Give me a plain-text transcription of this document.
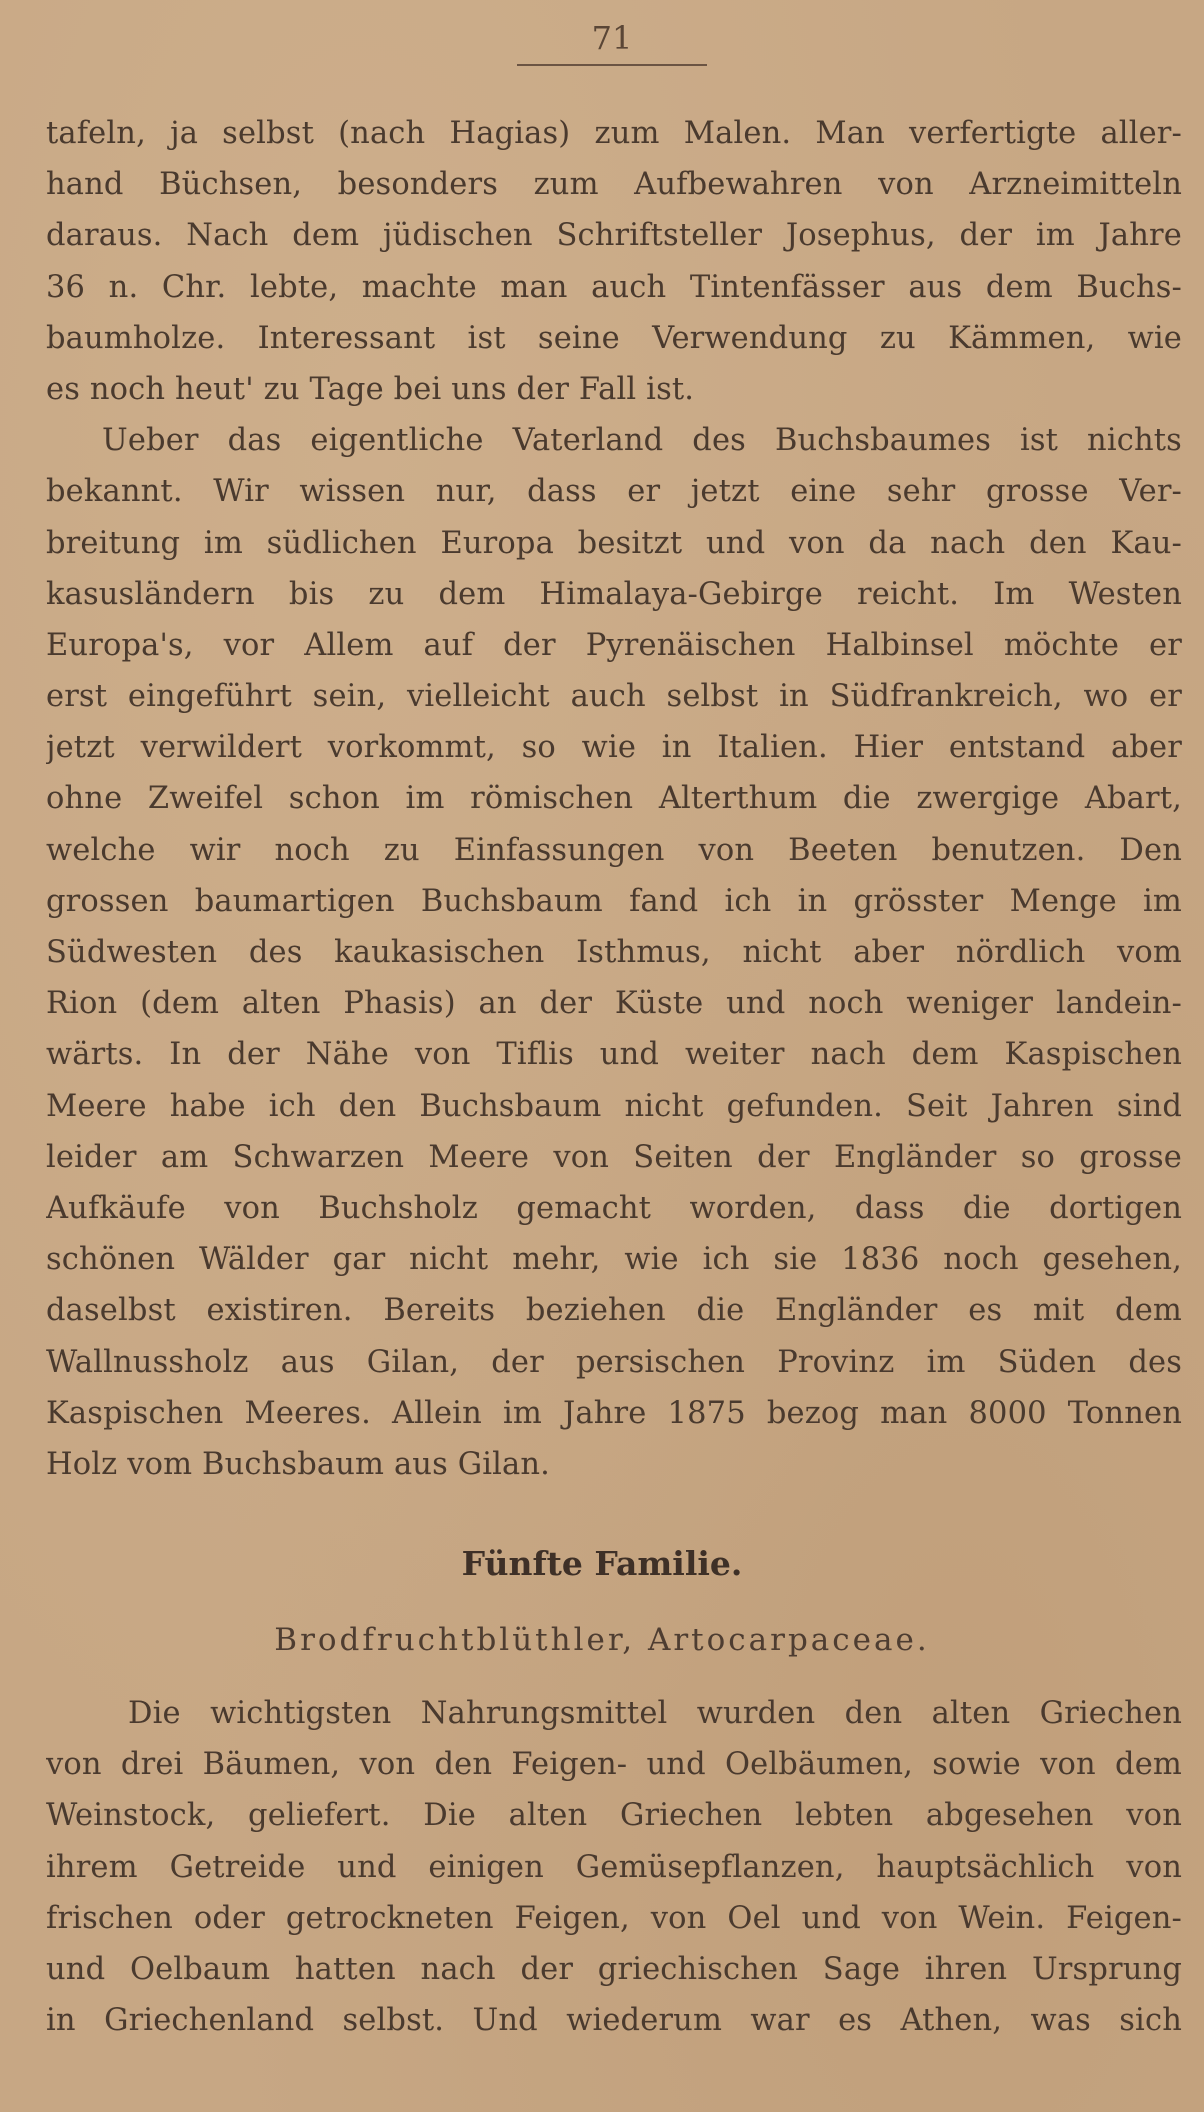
71
tafeln, ja selbst (nach Hagias) zum Malen. Man verfertigte aller-
hand Büchsen, besonders zum Aufbewahren von Arzneimitteln
daraus. Nach dem jüdischen Schriftsteller Josephus, der im Jahre
36 n. Chr. lebte, machte man auch Tintenfässer aus dem Buchs-
baumholze. Interessant ist seine Verwendung zu Kämmen, wie
es noch heut' zu Tage bei uns der Fall ist.
Ueber das eigentliche Vaterland des Buchsbaumes ist nichts
bekannt. Wir wissen nur, dass er jetzt eine sehr grosse Ver-
breitung im südlichen Europa besitzt und von da nach den Kau-
kasusländern bis zu dem Himalaya-Gebirge reicht. Im Westen
Europa's, vor Allem auf der Pyrenäischen Halbinsel möchte er
erst eingeführt sein, vielleicht auch selbst in Südfrankreich, wo er
jetzt verwildert vorkommt, so wie in Italien. Hier entstand aber
ohne Zweifel schon im römischen Alterthum die zwergige Abart,
welche wir noch zu Einfassungen von Beeten benutzen. Den
grossen baumartigen Buchsbaum fand ich in grösster Menge im
Südwesten des kaukasischen Isthmus, nicht aber nördlich vom
Rion (dem alten Phasis) an der Küste und noch weniger landein-
wärts. In der Nähe von Tiflis und weiter nach dem Kaspischen
Meere habe ich den Buchsbaum nicht gefunden. Seit Jahren sind
leider am Schwarzen Meere von Seiten der Engländer so grosse
Aufkäufe von Buchsholz gemacht worden, dass die dortigen
schönen Wälder gar nicht mehr, wie ich sie 1836 noch gesehen,
daselbst existiren. Bereits beziehen die Engländer es mit dem
Wallnussholz aus Gilan, der persischen Provinz im Süden des
Kaspischen Meeres. Allein im Jahre 1875 bezog man 8000 Tonnen
Holz vom Buchsbaum aus Gilan.
Fünfte Familie.
Brodfruchtblüthler, Artocarpaceae.
Die wichtigsten Nahrungsmittel wurden den alten Griechen
von drei Bäumen, von den Feigen- und Oelbäumen, sowie von dem
Weinstock, geliefert. Die alten Griechen lebten abgesehen von
ihrem Getreide und einigen Gemüsepflanzen, hauptsächlich von
frischen oder getrockneten Feigen, von Oel und von Wein. Feigen-
und Oelbaum hatten nach der griechischen Sage ihren Ursprung
in Griechenland selbst. Und wiederum war es Athen, was sich
